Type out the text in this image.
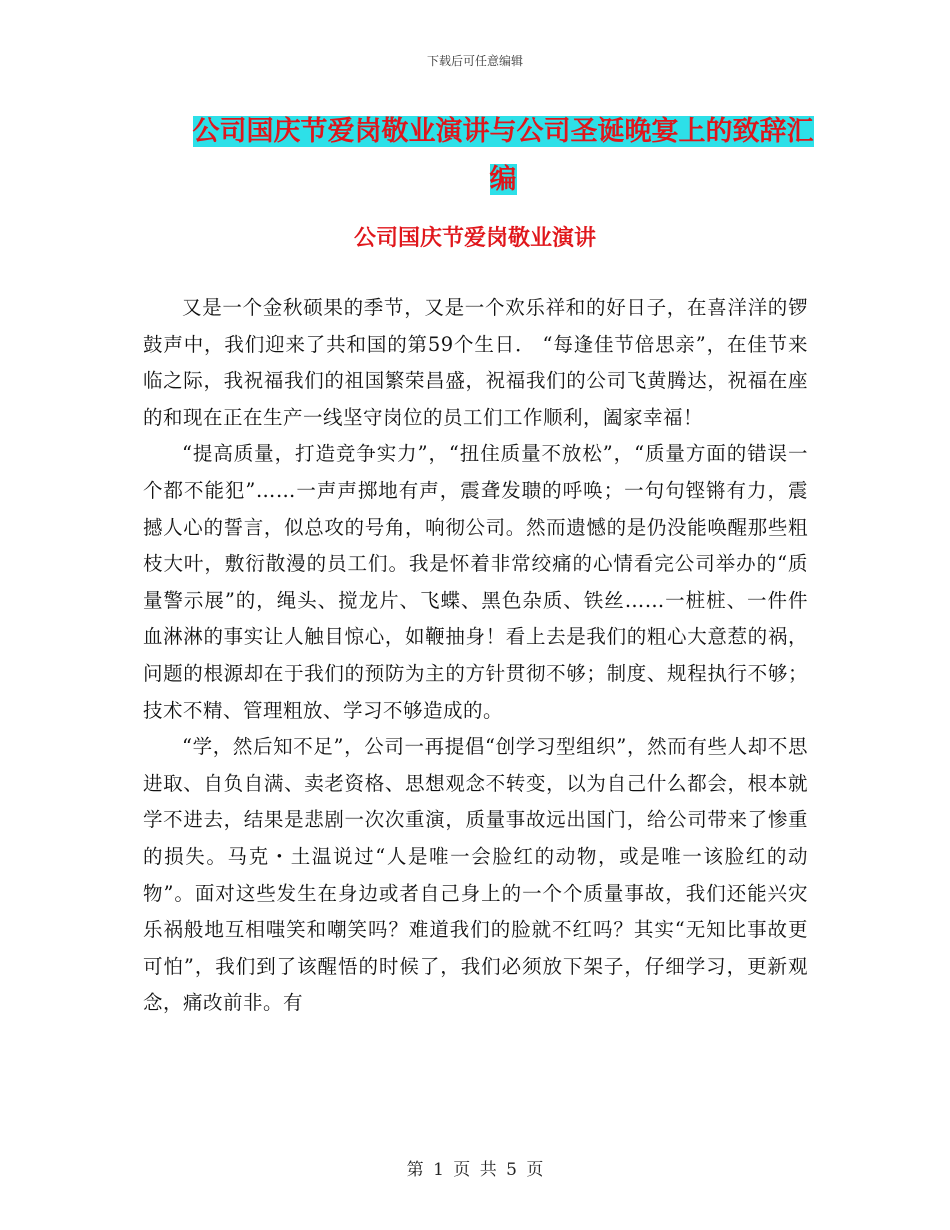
下载后可任意编辑
公司国庆节爱岗敬业演讲与公司圣诞晚宴上的致辞汇编
公司国庆节爱岗敬业演讲

又是一个金秋硕果的季节，又是一个欢乐祥和的好日子，在喜洋洋的锣鼓声中，我们迎来了共和国的第59个生日． “每逢佳节倍思亲”，在佳节来临之际，我祝福我们的祖国繁荣昌盛，祝福我们的公司飞黄腾达，祝福在座的和现在正在生产一线坚守岗位的员工们工作顺利，阖家幸福！

“提高质量，打造竞争实力”，“扭住质量不放松”，“质量方面的错误一个都不能犯”……一声声掷地有声，震聋发聩的呼唤；一句句铿锵有力，震撼人心的誓言，似总攻的号角，响彻公司。然而遗憾的是仍没能唤醒那些粗枝大叶，敷衍散漫的员工们。我是怀着非常绞痛的心情看完公司举办的“质量警示展”的，绳头、搅龙片、飞蝶、黑色杂质、铁丝……一桩桩、一件件血淋淋的事实让人触目惊心，如鞭抽身！看上去是我们的粗心大意惹的祸，问题的根源却在于我们的预防为主的方针贯彻不够；制度、规程执行不够；技术不精、管理粗放、学习不够造成的。

“学，然后知不足”，公司一再提倡“创学习型组织”，然而有些人却不思进取、自负自满、卖老资格、思想观念不转变，以为自己什么都会，根本就学不进去，结果是悲剧一次次重演，质量事故远出国门，给公司带来了惨重的损失。马克・土温说过“人是唯一会脸红的动物，或是唯一该脸红的动物”。面对这些发生在身边或者自己身上的一个个质量事故，我们还能兴灾乐祸般地互相嗤笑和嘲笑吗？难道我们的脸就不红吗？其实“无知比事故更可怕”，我们到了该醒悟的时候了，我们必须放下架子，仔细学习，更新观念，痛改前非。有

第 1 页 共 5 页
